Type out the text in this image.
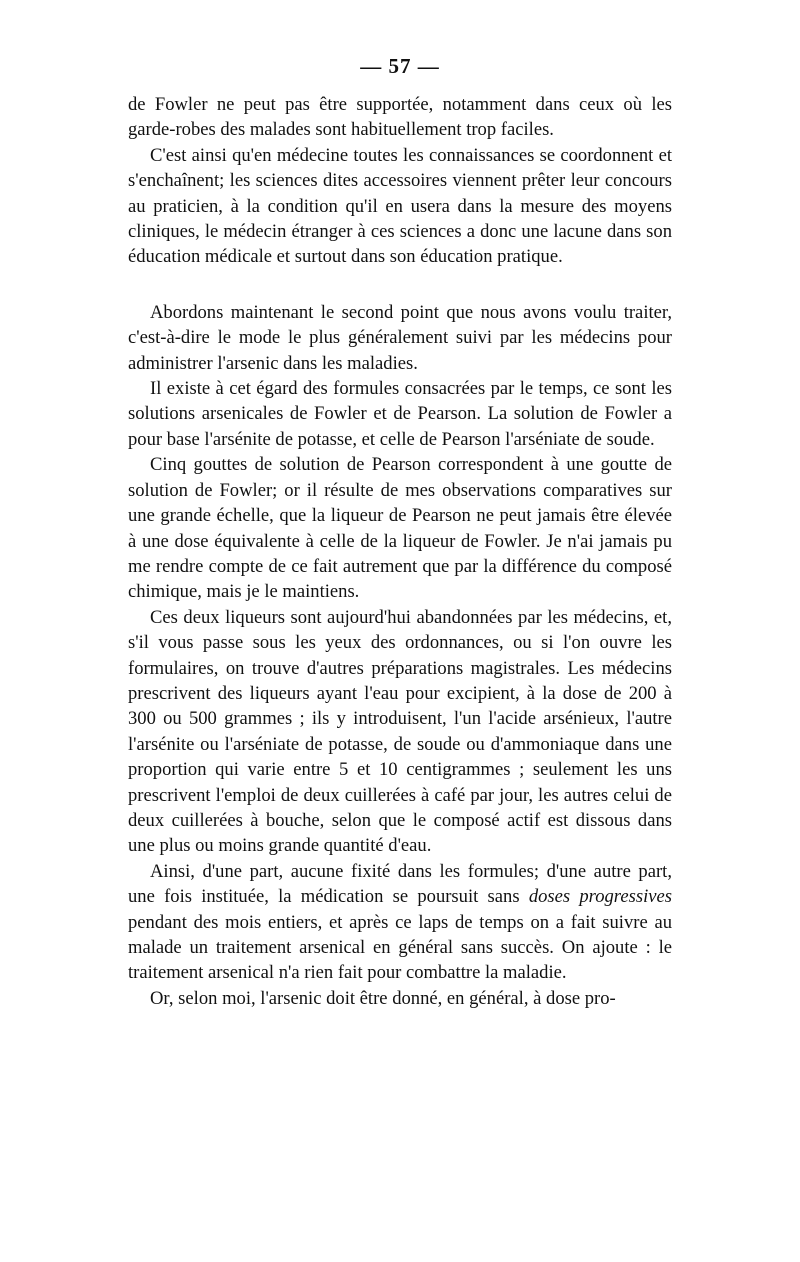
— 57 —

de Fowler ne peut pas être supportée, notamment dans ceux où les garde-robes des malades sont habituellement trop faciles.

C'est ainsi qu'en médecine toutes les connaissances se coordonnent et s'enchaînent; les sciences dites accessoires viennent prêter leur concours au praticien, à la condition qu'il en usera dans la mesure des moyens cliniques, le médecin étranger à ces sciences a donc une lacune dans son éducation médicale et surtout dans son éducation pratique.

Abordons maintenant le second point que nous avons voulu traiter, c'est-à-dire le mode le plus généralement suivi par les médecins pour administrer l'arsenic dans les maladies.

Il existe à cet égard des formules consacrées par le temps, ce sont les solutions arsenicales de Fowler et de Pearson. La solution de Fowler a pour base l'arsénite de potasse, et celle de Pearson l'arséniate de soude.

Cinq gouttes de solution de Pearson correspondent à une goutte de solution de Fowler; or il résulte de mes observations comparatives sur une grande échelle, que la liqueur de Pearson ne peut jamais être élevée à une dose équivalente à celle de la liqueur de Fowler. Je n'ai jamais pu me rendre compte de ce fait autrement que par la différence du composé chimique, mais je le maintiens.

Ces deux liqueurs sont aujourd'hui abandonnées par les médecins, et, s'il vous passe sous les yeux des ordonnances, ou si l'on ouvre les formulaires, on trouve d'autres préparations magistrales. Les médecins prescrivent des liqueurs ayant l'eau pour excipient, à la dose de 200 à 300 ou 500 grammes ; ils y introduisent, l'un l'acide arsénieux, l'autre l'arsénite ou l'arséniate de potasse, de soude ou d'ammoniaque dans une proportion qui varie entre 5 et 10 centigrammes ; seulement les uns prescrivent l'emploi de deux cuillerées à café par jour, les autres celui de deux cuillerées à bouche, selon que le composé actif est dissous dans une plus ou moins grande quantité d'eau.

Ainsi, d'une part, aucune fixité dans les formules; d'une autre part, une fois instituée, la médication se poursuit sans doses progressives pendant des mois entiers, et après ce laps de temps on a fait suivre au malade un traitement arsenical en général sans succès. On ajoute : le traitement arsenical n'a rien fait pour combattre la maladie.

Or, selon moi, l'arsenic doit être donné, en général, à dose pro-
